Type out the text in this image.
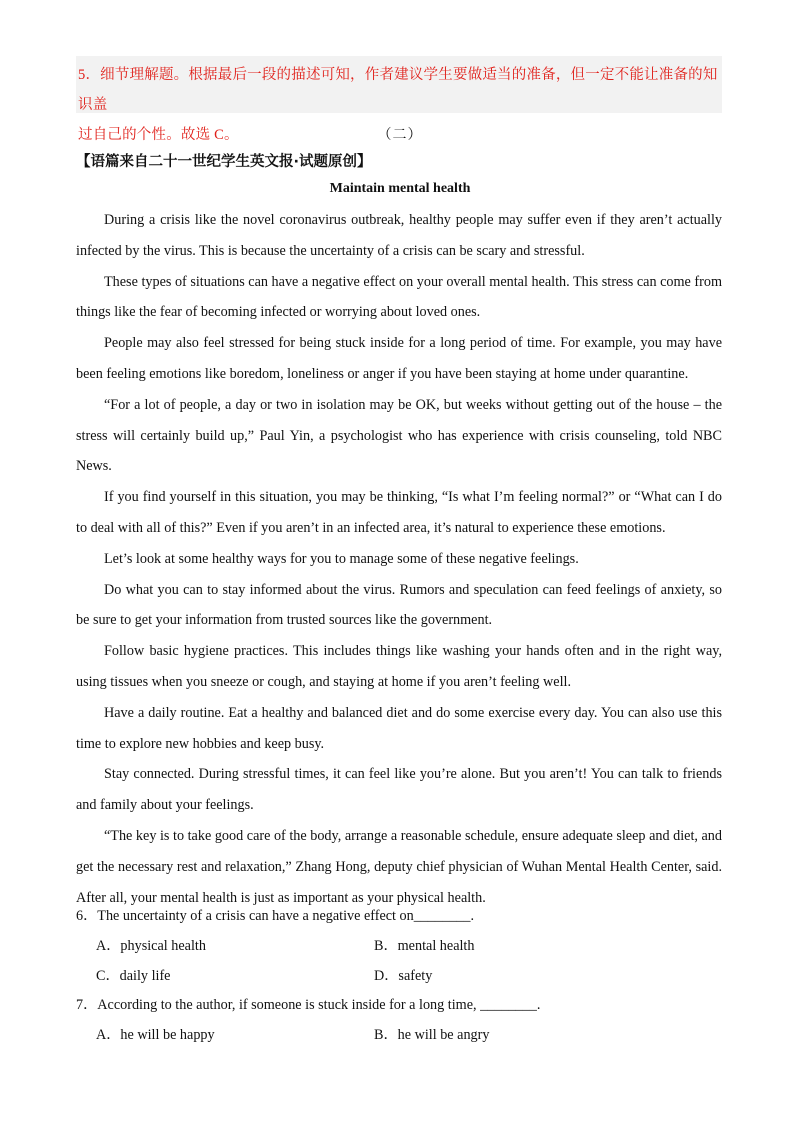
5．细节理解题。根据最后一段的描述可知，作者建议学生要做适当的准备，但一定不能让准备的知识盖
过自己的个性。故选 C。	（二）
【语篇来自二十一世纪学生英文报·试题原创】
Maintain mental health

During a crisis like the novel coronavirus outbreak, healthy people may suffer even if they aren’t actually infected by the virus. This is because the uncertainty of a crisis can be scary and stressful.

These types of situations can have a negative effect on your overall mental health. This stress can come from things like the fear of becoming infected or worrying about loved ones.

People may also feel stressed for being stuck inside for a long period of time. For example, you may have been feeling emotions like boredom, loneliness or anger if you have been staying at home under quarantine.

“For a lot of people, a day or two in isolation may be OK, but weeks without getting out of the house – the stress will certainly build up,” Paul Yin, a psychologist who has experience with crisis counseling, told NBC News.

If you find yourself in this situation, you may be thinking, “Is what I’m feeling normal?” or “What can I do to deal with all of this?” Even if you aren’t in an infected area, it’s natural to experience these emotions.

Let’s look at some healthy ways for you to manage some of these negative feelings.

Do what you can to stay informed about the virus. Rumors and speculation can feed feelings of anxiety, so be sure to get your information from trusted sources like the government.

Follow basic hygiene practices. This includes things like washing your hands often and in the right way, using tissues when you sneeze or cough, and staying at home if you aren’t feeling well.

Have a daily routine. Eat a healthy and balanced diet and do some exercise every day. You can also use this time to explore new hobbies and keep busy.

Stay connected. During stressful times, it can feel like you’re alone. But you aren’t! You can talk to friends and family about your feelings.

“The key is to take good care of the body, arrange a reasonable schedule, ensure adequate sleep and diet, and get the necessary rest and relaxation,” Zhang Hong, deputy chief physician of Wuhan Mental Health Center, said. After all, your mental health is just as important as your physical health.

6．The uncertainty of a crisis can have a negative effect on________.

A．physical health	B．mental health
C．daily life	D．safety

7．According to the author, if someone is stuck inside for a long time, ________.

A．he will be happy	B．he will be angry
